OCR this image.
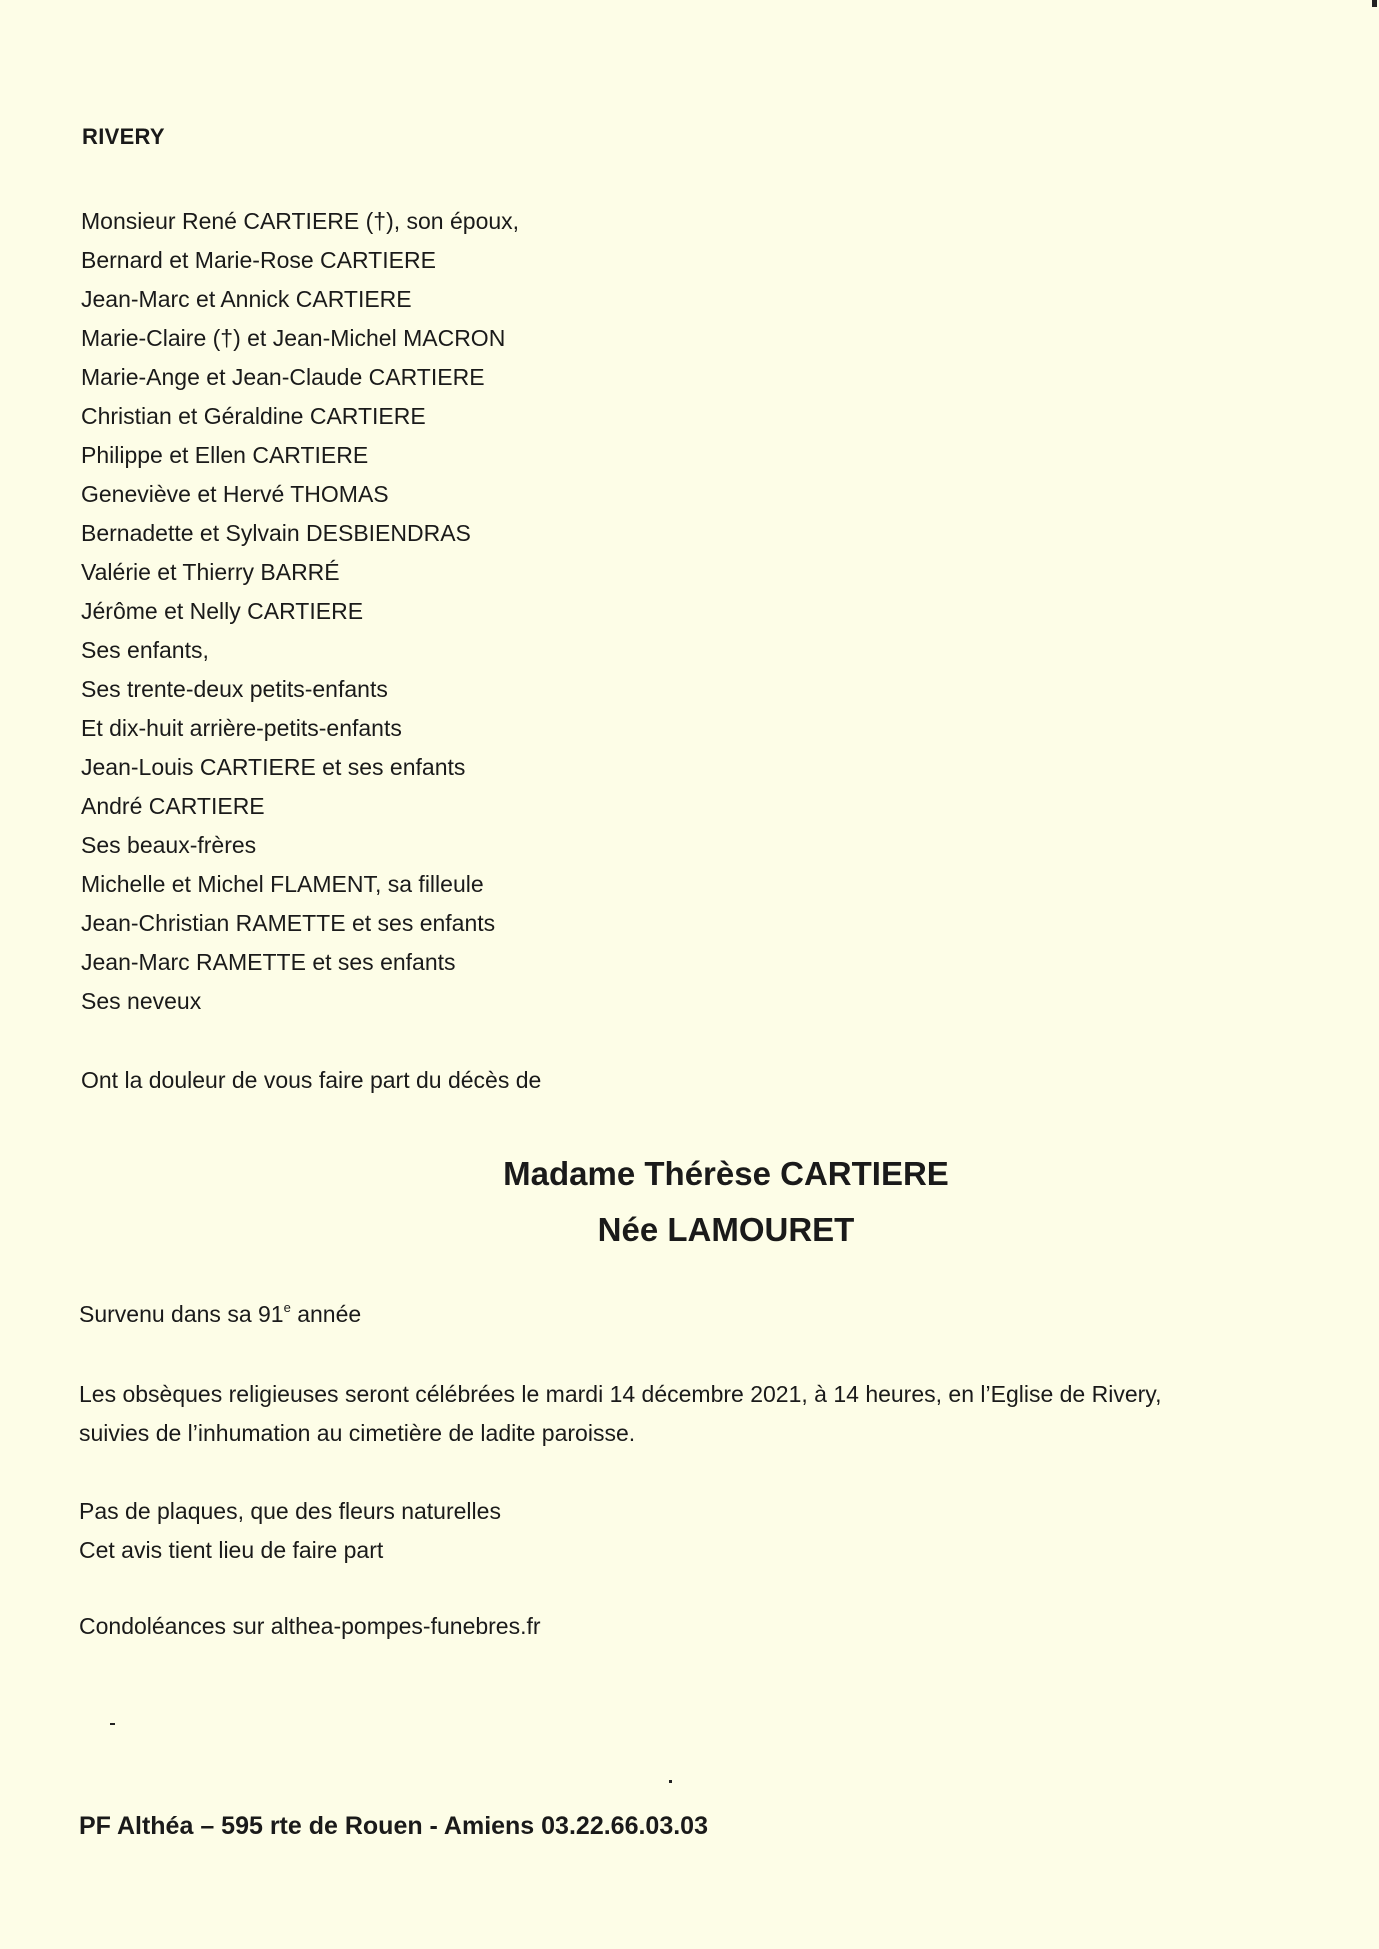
RIVERY
Monsieur René CARTIERE (†), son époux,
Bernard et Marie-Rose CARTIERE
Jean-Marc et Annick CARTIERE
Marie-Claire (†) et Jean-Michel MACRON
Marie-Ange et Jean-Claude CARTIERE
Christian et Géraldine CARTIERE
Philippe et Ellen CARTIERE
Geneviève et Hervé THOMAS
Bernadette et Sylvain DESBIENDRAS
Valérie et Thierry BARRÉ
Jérôme et Nelly CARTIERE
Ses enfants,
Ses trente-deux petits-enfants
Et dix-huit arrière-petits-enfants
Jean-Louis CARTIERE et ses enfants
André CARTIERE
Ses beaux-frères
Michelle et Michel FLAMENT, sa filleule
Jean-Christian RAMETTE et ses enfants
Jean-Marc RAMETTE et ses enfants
Ses neveux
Ont la douleur de vous faire part du décès de
Madame Thérèse CARTIERE
Née LAMOURET
Survenu dans sa 91e année
Les obsèques religieuses seront célébrées le mardi 14 décembre 2021, à 14 heures, en l’Eglise de Rivery,
suivies de l’inhumation au cimetière de ladite paroisse.
Pas de plaques, que des fleurs naturelles
Cet avis tient lieu de faire part
Condoléances sur althea-pompes-funebres.fr
PF Althéa – 595 rte de Rouen - Amiens 03.22.66.03.03
